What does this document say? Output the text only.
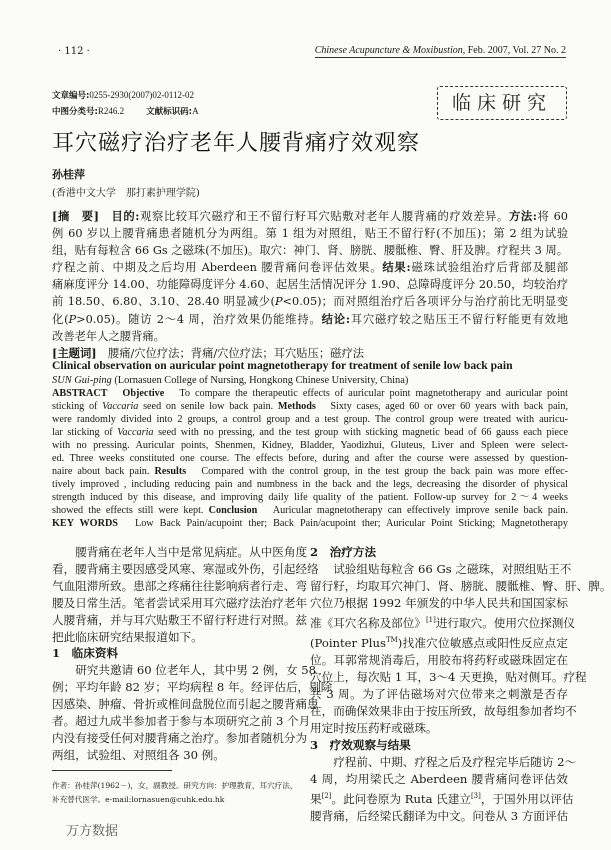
· 112 ·	Chinese Acupuncture & Moxibustion, Feb. 2007, Vol. 27 No. 2
文章编号:0255-2930(2007)02-0112-02
中图分类号:R246.2	文献标识码:A	临床研究
耳穴磁疗治疗老年人腰背痛疗效观察
孙桂萍
(香港中文大学　那打素护理学院)
[摘　要]　目的:观察比较耳穴磁疗和王不留行籽耳穴贴敷对老年人腰背痛的疗效差异。方法:将 60
例 60 岁以上腰背痛患者随机分为两组。第 1 组为对照组，贴王不留行籽(不加压)；第 2 组为试验
组，贴有每粒含 66 Gs 之磁珠(不加压)。取穴：神门、肾、膀胱、腰骶椎、臀、肝及脾。疗程共 3 周。
疗程之前、中期及之后均用 Aberdeen 腰背痛问卷评估效果。结果:磁珠试验组治疗后背部及腿部
痛麻度评分 14.00、功能障碍度评分 4.60、起居生活情况评分 1.90、总障碍度评分 20.50，均较治疗
前 18.50、6.80、3.10、28.40 明显减少(P<0.05)；而对照组治疗后各项评分与治疗前比无明显变
化(P>0.05)。随访 2～4 周，治疗效果仍能维持。结论:耳穴磁疗较之贴压王不留行籽能更有效地
改善老年人之腰背痛。
[主题词]　腰痛/穴位疗法；背痛/穴位疗法；耳穴贴压；磁疗法
Clinical observation on auricular point magnetotherapy for treatment of senile low back pain
SUN Gui-ping (Lornasuen College of Nursing, Hongkong Chinese University, China)
ABSTRACT　Objective　To compare the therapeutic effects of auricular point magnetotherapy and auricular point
sticking of Vaccaria seed on senile low back pain. Methods　Sixty cases, aged 60 or over 60 years with back pain,
were randomly divided into 2 groups, a control group and a test group. The control group were treated with auricu-
lar sticking of Vaccaria seed with no pressing, and the test group with sticking magnetic bead of 66 gauss each piece
with no pressing. Auricular points, Shenmen, Kidney, Bladder, Yaodizhui, Gluteus, Liver and Spleen were select-
ed. Three weeks constituted one course. The effects before, during and after the course were assessed by question-
naire about back pain. Results　Compared with the control group, in the test group the back pain was more effec-
tively improved , including reducing pain and numbness in the back and the legs, decreasing the disorder of physical
strength induced by this disease, and improving daily life quality of the patient. Follow-up survey for 2～4 weeks
showed the effects still were kept. Conclusion　Auricular magnetotherapy can effectively improve senile back pain.
KEY WORDS　Low Back Pain/acupoint ther; Back Pain/acupoint ther; Auricular Point Sticking; Magnetotherapy
　　腰背痛在老年人当中是常见病症。从中医角度
看，腰背痛主要因感受风寒、寒湿或外伤，引起经络
气血阻滞所致。患部之疼痛往往影响病者行走、弯
腰及日常生活。笔者尝试采用耳穴磁疗法治疗老年
人腰背痛，并与耳穴贴敷王不留行籽进行对照。兹
把此临床研究结果报道如下。
1　临床资料
　　研究共邀请 60 位老年人，其中男 2 例，女 58
例；平均年龄 82 岁；平均病程 8 年。经评估后，剔除
因感染、肿瘤、骨折或椎间盘脱位而引起之腰背痛患
者。超过九成半参加者于参与本项研究之前 3 个月
内没有接受任何对腰背痛之治疗。参加者随机分为
两组，试验组、对照组各 30 例。
作者：孙桂萍(1962－)，女，副教授。研究方向：护理教育，耳穴疗法，
补充替代医学。e-mail:lornasuen@cuhk.edu.hk
2　治疗方法
　　试验组贴每粒含 66 Gs 之磁珠，对照组贴王不
留行籽，均取耳穴神门、肾、膀胱、腰骶椎、臀、肝、脾。
穴位乃根据 1992 年颁发的中华人民共和国国家标
准《耳穴名称及部位》[1]进行取穴。使用穴位探测仪
(Pointer Plus™)找准穴位敏感点或阳性反应点定
位。耳郭常规消毒后，用胶布将药籽或磁珠固定在
穴位上，每次贴 1 耳，3～4 天更换，贴对侧耳。疗程
共 3 周。为了评估磁场对穴位带来之刺激是否存
在，而确保效果非由于按压所致，故每组参加者均不
用定时按压药籽或磁珠。
3　疗效观察与结果
　　疗程前、中期、疗程之后及疗程完毕后随访 2～
4 周，均用梁氏之 Aberdeen 腰背痛问卷评估效
果[2]。此问卷原为 Ruta 氏建立[3]，于国外用以评估
腰背痛，后经梁氏翻译为中文。问卷从 3 方面评估
万方数据
